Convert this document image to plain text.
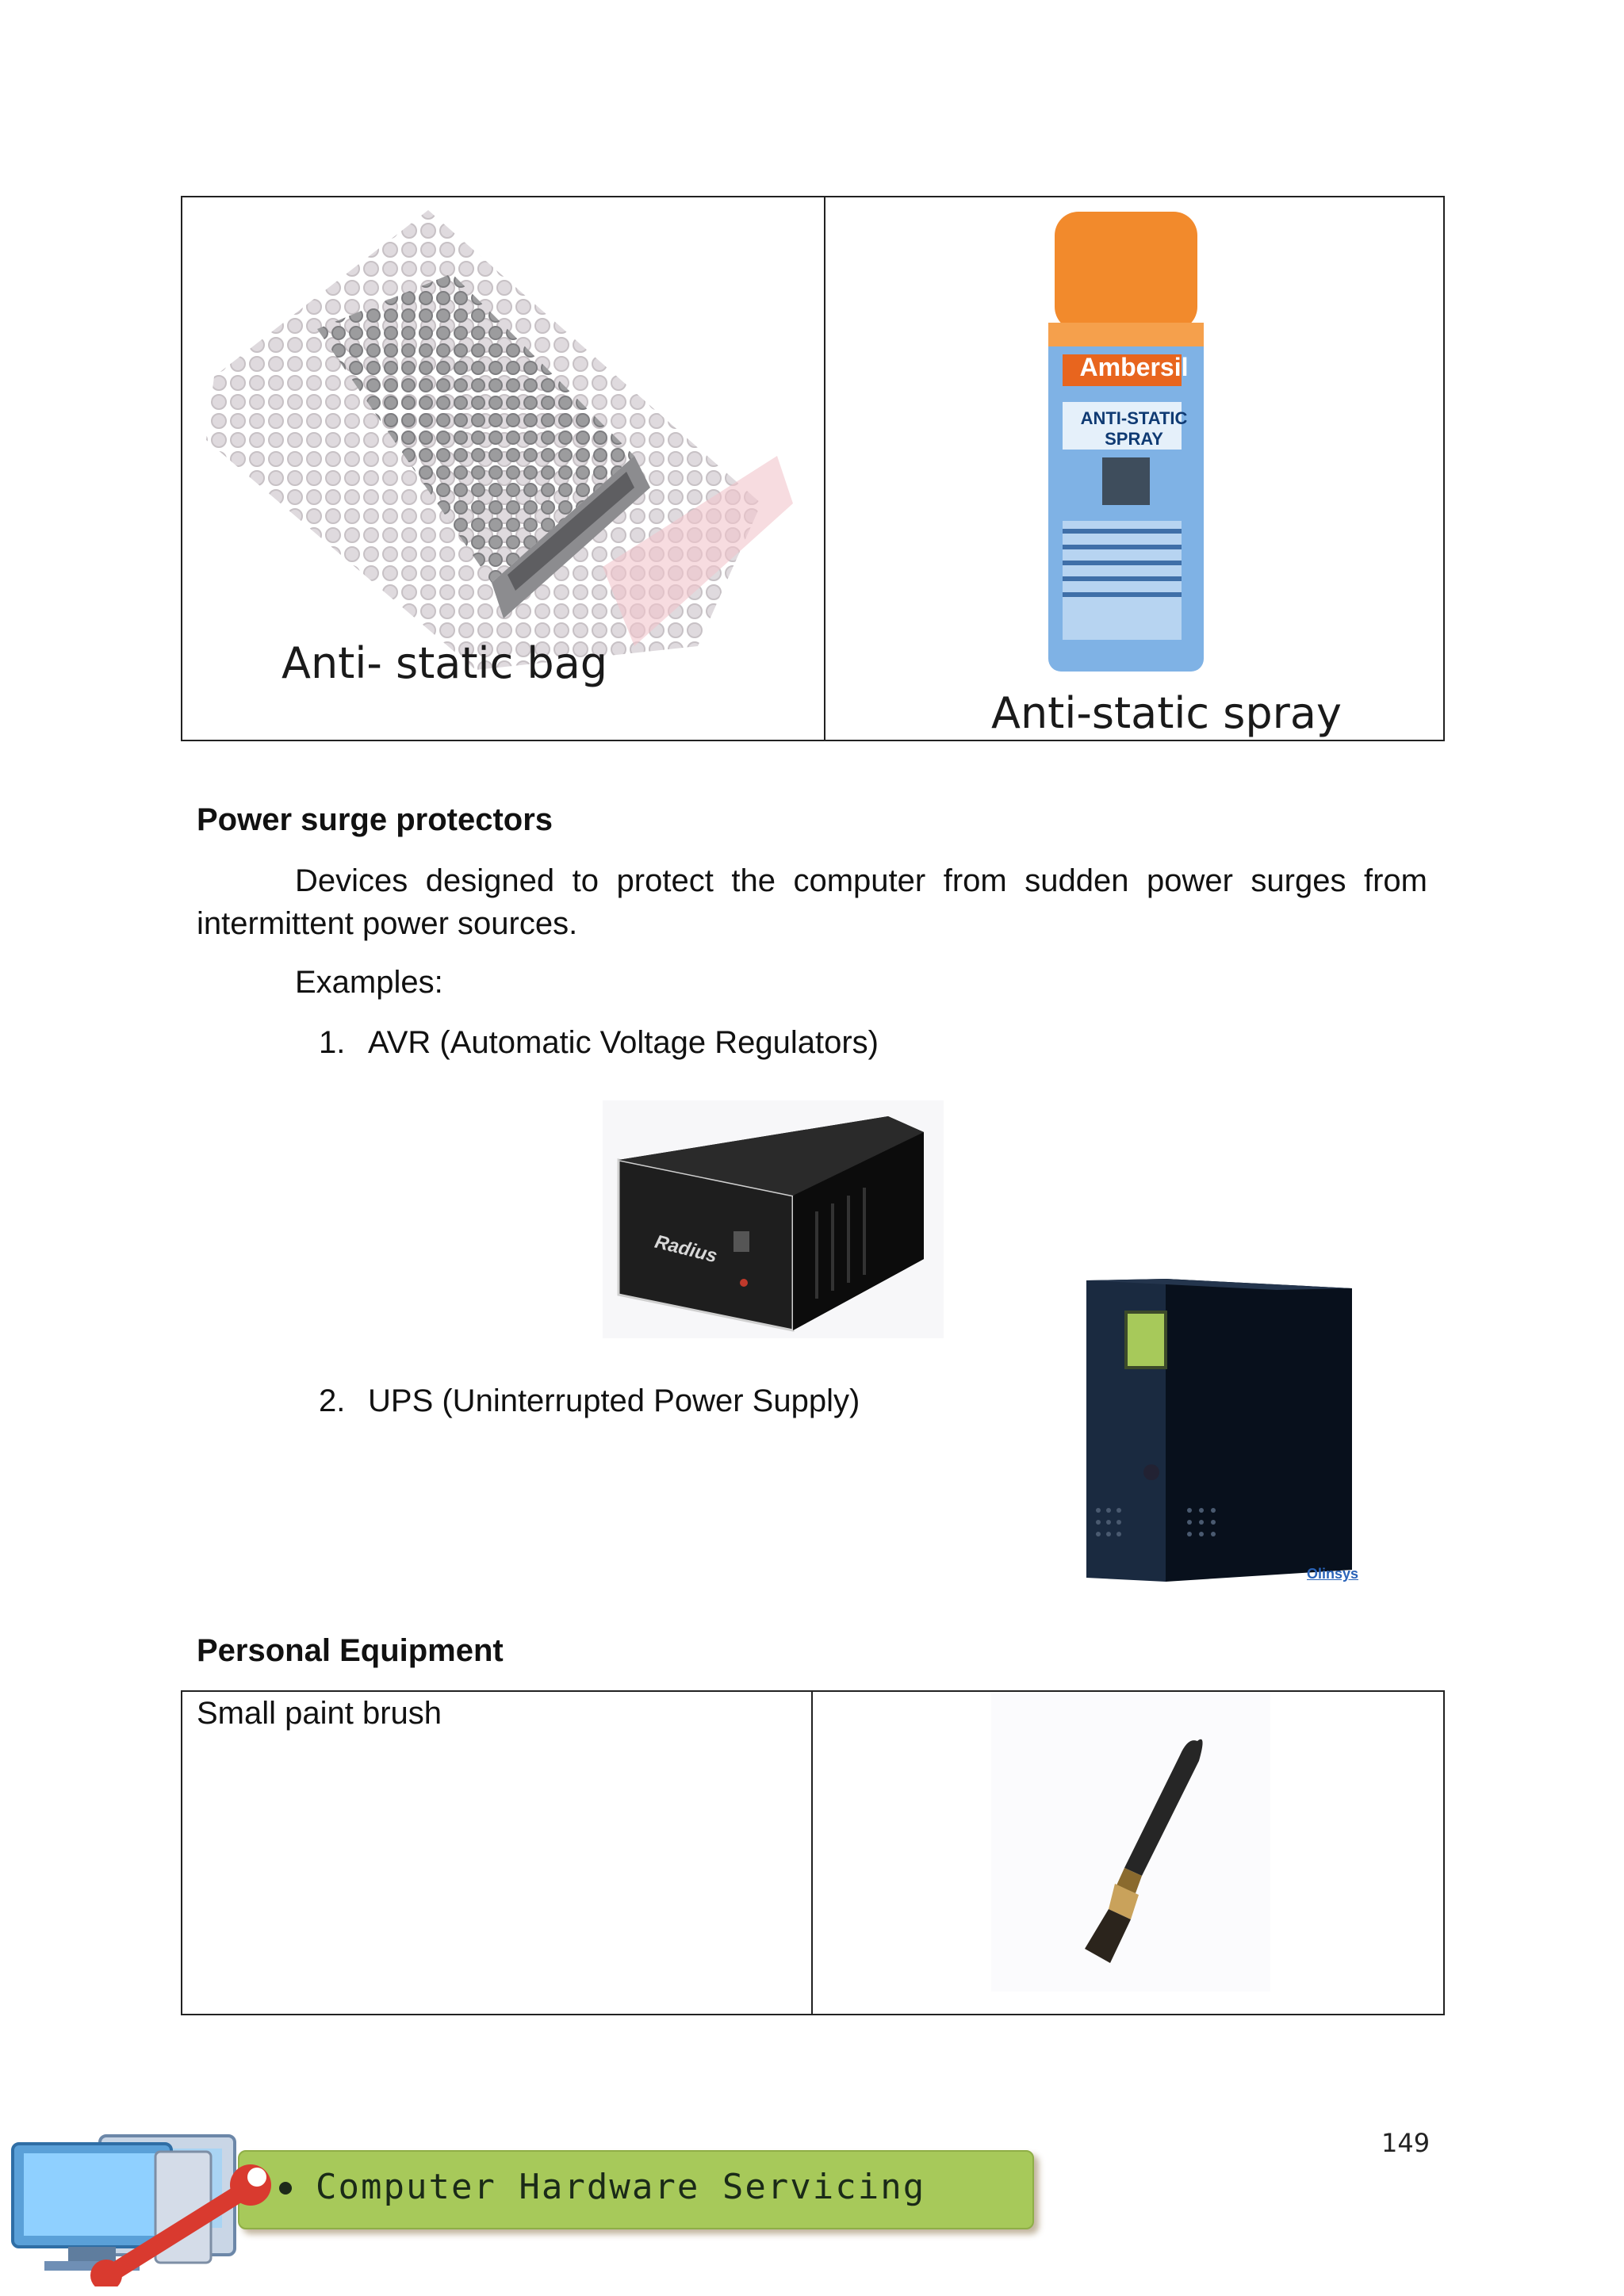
Anti- static bag
Ambersil
ANTI-STATIC SPRAY
Anti-static spray
Power surge protectors
Devices designed to protect the computer from sudden power surges from
intermittent power sources.
Examples:
1. AVR (Automatic Voltage Regulators)
Radius
2. UPS (Uninterrupted Power Supply)
Olinsys
Personal Equipment
Small paint brush
149
Computer Hardware Servicing
